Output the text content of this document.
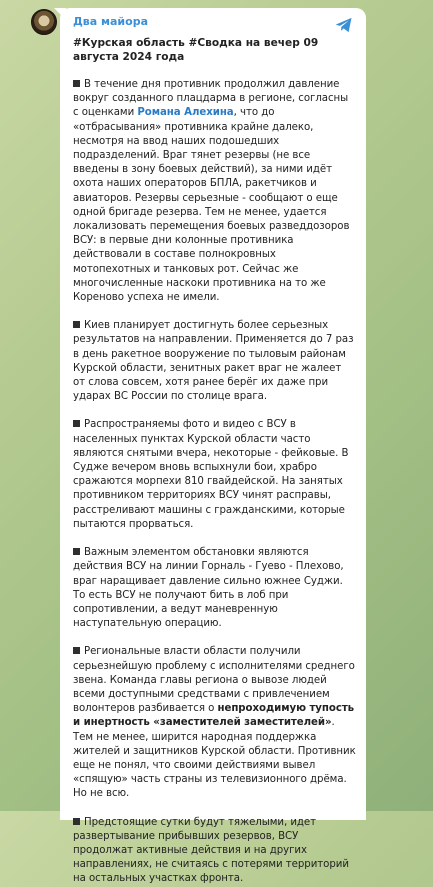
Два майора
#Курская область #Сводка на вечер 09 августа 2024 года
В течение дня противник продолжил давление вокруг созданного плацдарма в регионе, согласны с оценками Романа Алехина, что до «отбрасывания» противника крайне далеко, несмотря на ввод наших подошедших подразделений. Враг тянет резервы (не все введены в зону боевых действий), за ними идёт охота наших операторов БПЛА, ракетчиков и авиаторов. Резервы серьезные - сообщают о еще одной бригаде резерва. Тем не менее, удается локализовать перемещения боевых разведдозоров ВСУ: в первые дни колонные противника действовали в составе полнокровных мотопехотных и танковых рот. Сейчас же многочисленные наскоки противника на то же Кореново успеха не имели.
Киев планирует достигнуть более серьезных результатов на направлении. Применяется до 7 раз в день ракетное вооружение по тыловым районам Курской области, зенитных ракет враг не жалеет от слова совсем, хотя ранее берёг их даже при ударах ВС России по столице врага.
Распространяемы фото и видео с ВСУ в населенных пунктах Курской области часто являются снятыми вчера, некоторые - фейковые. В Судже вечером вновь вспыхнули бои, храбро сражаются морпехи 810 гвайдейской. На занятых противником территориях ВСУ чинят расправы, расстреливают машины с гражданскими, которые пытаются прорваться.
Важным элементом обстановки являются действия ВСУ на линии Горналь - Гуево - Плехово, враг наращивает давление сильно южнее Суджи. То есть ВСУ не получают бить в лоб при сопротивлении, а ведут маневренную наступательную операцию.
Региональные власти области получили серьезнейшую проблему с исполнителями среднего звена. Команда главы региона о вывозе людей всеми доступными средствами с привлечением волонтеров разбивается о непроходимую тупость и инертность «заместителей заместителей». Тем не менее, ширится народная поддержка жителей и защитников Курской области. Противник еще не понял, что своими действиями вывел «спящую» часть страны из телевизионного дрёма. Но не всю.
Предстоящие сутки будут тяжелыми, идет развертывание прибывших резервов, ВСУ продолжат активные действия и на других направлениях, не считаясь с потерями территорий на остальных участках фронта.
